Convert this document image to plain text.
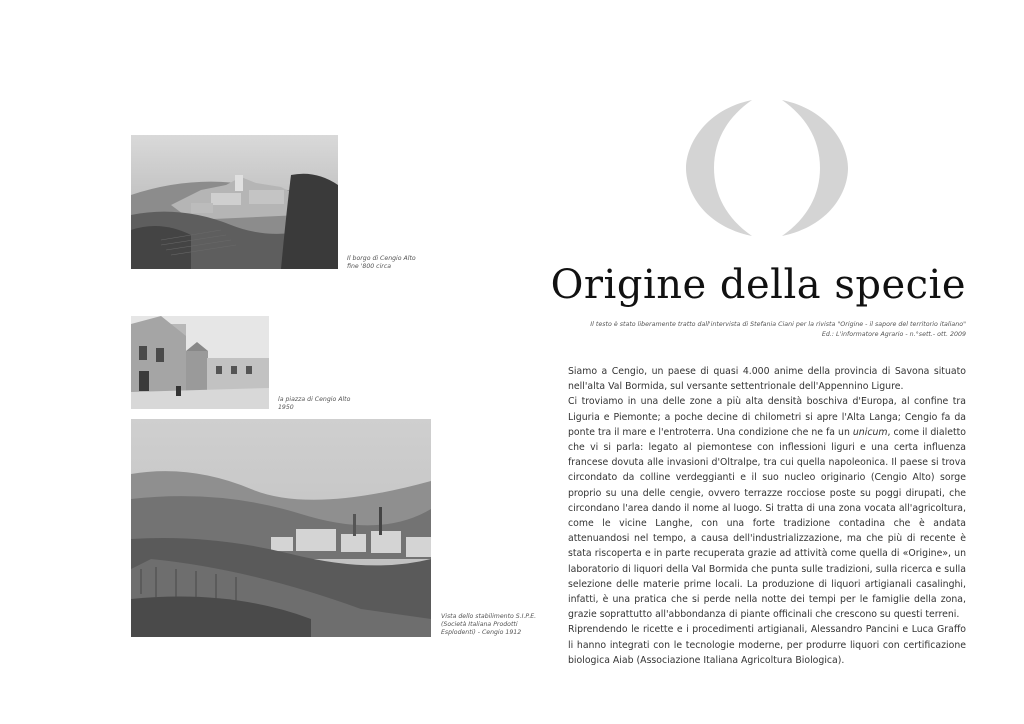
Il borgo di Cengio Alto
fine '800 circa
la piazza di Cengio Alto
1950
Vista dello stabilimento S.I.P.E.
(Società Italiana Prodotti
Esplodenti) - Cengio 1912
Origine della specie
Il testo è stato liberamente tratto dall'intervista di Stefania Ciani per la rivista "Origine - il sapore del territorio italiano"
Ed.: L'informatore Agrario - n.°sett.- ott. 2009

Siamo a Cengio, un paese di quasi 4.000 anime della provincia di Savona situato nell'alta Val Bormida, sul versante settentrionale dell'Appennino Ligure.

Ci troviamo in una delle zone a più alta densità boschiva d'Europa, al confine tra Liguria e Piemonte; a poche decine di chilometri si apre l'Alta Langa; Cengio fa da ponte tra il mare e l'entroterra. Una condizione che ne fa un unicum, come il dialetto che vi si parla: legato al piemontese con inflessioni liguri e una certa influenza francese dovuta alle invasioni d'Oltralpe, tra cui quella napoleonica. Il paese si trova circondato da colline verdeggianti e il suo nucleo originario (Cengio Alto) sorge proprio su una delle cengie, ovvero terrazze rocciose poste su poggi dirupati, che circondano l'area dando il nome al luogo. Si tratta di una zona vocata all'agricoltura, come le vicine Langhe, con una forte tradizione contadina che è andata attenuandosi nel tempo, a causa dell'industrializzazione, ma che più di recente è stata riscoperta e in parte recuperata grazie ad attività come quella di «Origine», un laboratorio di liquori della Val Bormida che punta sulle tradizioni, sulla ricerca e sulla selezione delle materie prime locali. La produzione di liquori artigianali casalinghi, infatti, è una pratica che si perde nella notte dei tempi per le famiglie della zona, grazie soprattutto all'abbondanza di piante officinali che crescono su questi terreni.

Riprendendo le ricette e i procedimenti artigianali, Alessandro Pancini e Luca Graffo li hanno integrati con le tecnologie moderne, per produrre liquori con certificazione biologica Aiab (Associazione Italiana Agricoltura Biologica).
